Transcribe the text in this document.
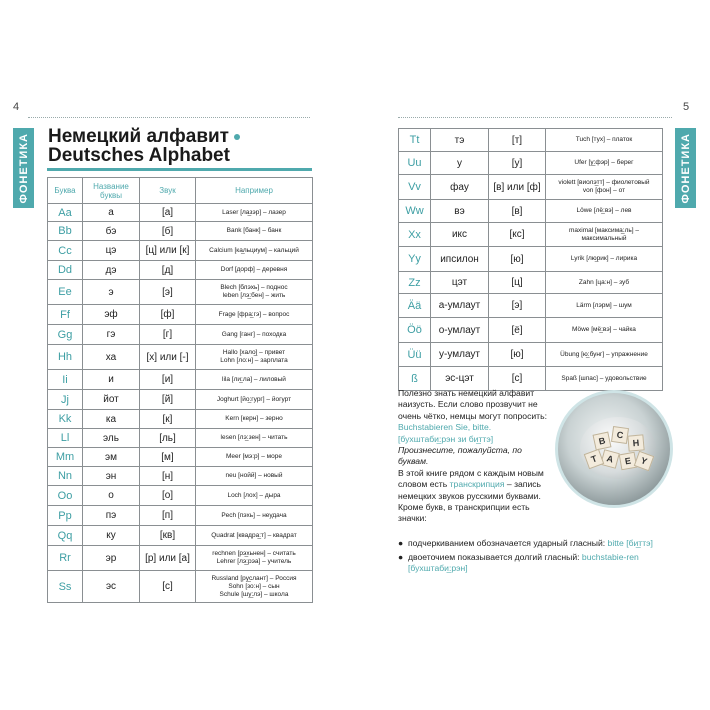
4
ФОНЕТИКА Немецкий алфавит
Deutsches Alphabet
Буква	Название буквы	Звук	Например
Aa	а	[а]	Laser [ла̲зэр] – лазер
Bb	бэ	[б]	Bank [банк] – банк
Cc	цэ	[ц] или [к]	Calcium [ка̲льциум] – кальций
Dd	дэ	[д]	Dorf [дорф] – деревня
Ee	э	[э]	Blech [блэхь] – поднос
leben [лэ̲:бен] – жить
Ff	эф	[ф]	Frage [фра̲:гэ] – вопрос
Gg	гэ	[г]	Gang [ганг] – походка
Hh	ха	[х] или [-]	Hallo [хало̲] – привет
Lohn [ло:н] – зарплата
Ii	и	[и]	lila [ли̲:ла] – лиловый
Jj	йот	[й]	Joghurt [йо̲:гург] – йогурт
Kk	ка	[к]	Kern [керн] – зерно
Ll	эль	[ль]	lesen [лэ̲:зен] – читать
Mm	эм	[м]	Meer [мэ:р] – море
Nn	эн	[н]	neu [нойй] – новый
Oo	о	[о]	Loch [лох] – дыра
Pp	пэ	[п]	Pech [пэхь] – неудача
Qq	ку	[кв]	Quadrat [квадра̲:т] – квадрат
Rr	эр	[р] или [а]	rechnen [рэ̲хьнен] – считать
Lehrer [лэ̲:рэа] – учитель
Ss	эс	[с]	Russland [ру̲слант] – Россия
Sohn [зо:н] – сын
Schule [шу̲:лэ] – школа
5
ФОНЕТИКА
Tt	тэ	[т]	Tuch [тух] – платок
Uu	у	[у]	Ufer [у̲:фэр] – берег
Vv	фау	[в] или [ф]	violett [виолэ̲тт] – фиолетовый
von [фон] – от
Ww	вэ	[в]	Löwe [лё̲:вэ] – лев
Xx	икс	[кс]	maximal [максима̲:ль] –
максимальный
Yy	ипсилон	[ю]	Lyrik [лю̲рик] – лирика
Zz	цэт	[ц]	Zahn [ца:н] – зуб
Ää	а-умлаут	[э]	Lärm [лэрм] – шум
Öö	о-умлаут	[ё]	Möwe [мё̲:вэ] – чайка
Üü	у-умлаут	[ю]	Übung [ю̲:бунг] – упражнение
ß	эс-цэт	[с]	Spaß [шпас] – удовольствие
Полезно знать немецкий алфавит наизусть. Если слово прозвучит не очень чётко, немцы могут попросить: Buchstabieren Sie, bitte. [бухштаби̲:рэн зи би̲ттэ]
Произнесите, пожалуйста, по буквам.
В этой книге рядом с каждым новым словом есть транскрипция – запись немецких звуков русскими буквами. Кроме букв, в транскрипции есть значки:
B
C
H
A	E Y
T
● подчеркиванием обозначается ударный гласный: bitte [би̲ттэ]
● двоеточием показывается долгий гласный: buchstabie-ren [бухштаби̲:рэн]
